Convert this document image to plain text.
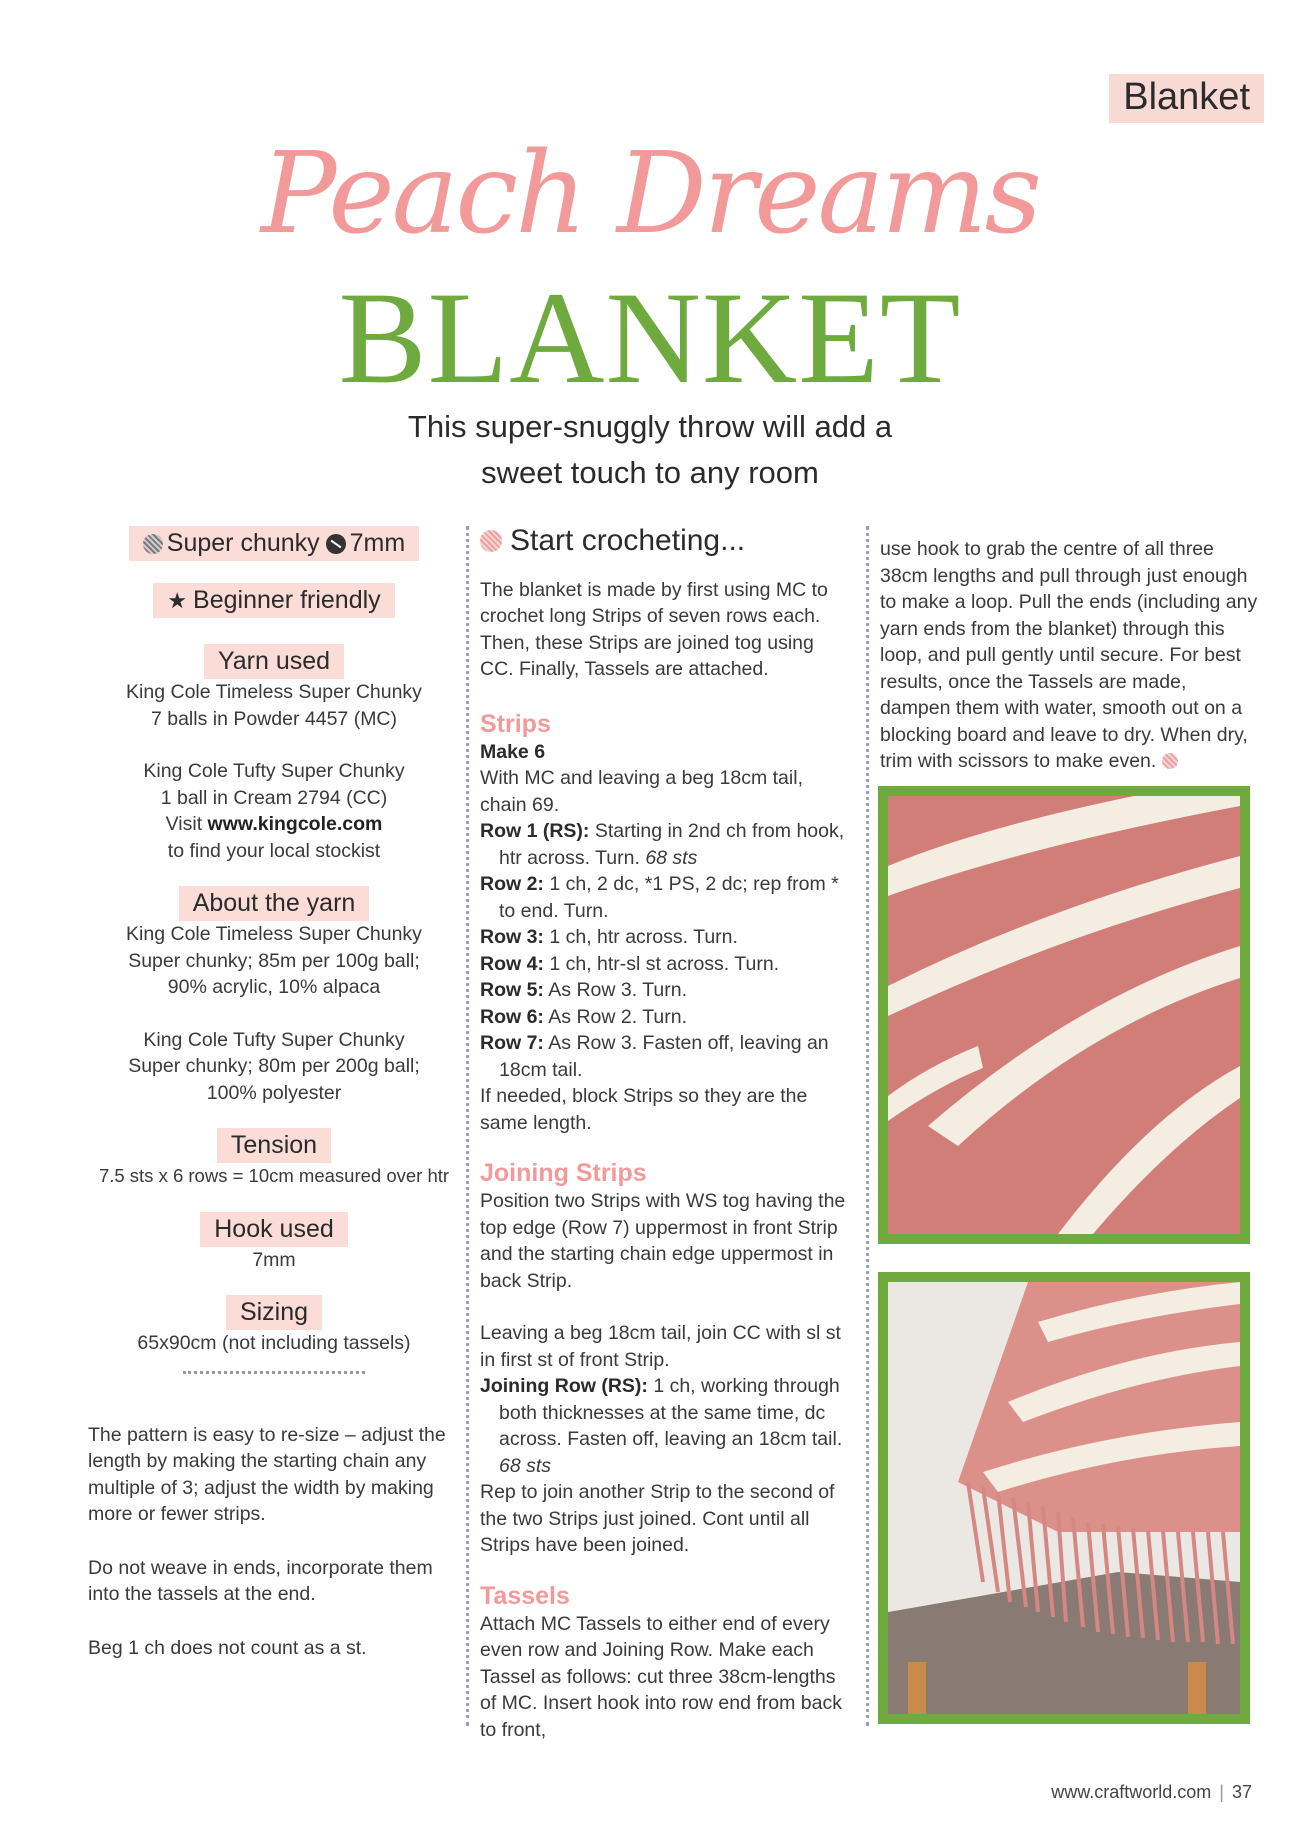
Blanket
Peach Dreams
BLANKET
This super-snuggly throw will add a
sweet touch to any room
Super chunky 7mm
★ Beginner friendly
Yarn used
King Cole Timeless Super Chunky
7 balls in Powder 4457 (MC)
King Cole Tufty Super Chunky
1 ball in Cream 2794 (CC)
Visit www.kingcole.com
to find your local stockist
About the yarn
King Cole Timeless Super Chunky
Super chunky; 85m per 100g ball;
90% acrylic, 10% alpaca
King Cole Tufty Super Chunky
Super chunky; 80m per 200g ball;
100% polyester
Tension
7.5 sts x 6 rows = 10cm measured over htr
Hook used
7mm
Sizing
65x90cm (not including tassels)

The pattern is easy to re-size – adjust the length by making the starting chain any multiple of 3; adjust the width by making more or fewer strips.

Do not weave in ends, incorporate them into the tassels at the end.

Beg 1 ch does not count as a st.

Start crocheting...

The blanket is made by first using MC to crochet long Strips of seven rows each. Then, these Strips are joined tog using CC. Finally, Tassels are attached.

Strips

Make 6

With MC and leaving a beg 18cm tail, chain 69.

Row 1 (RS): Starting in 2nd ch from hook, htr across. Turn. 68 sts

Row 2: 1 ch, 2 dc, *1 PS, 2 dc; rep from * to end. Turn.

Row 3: 1 ch, htr across. Turn.

Row 4: 1 ch, htr-sl st across. Turn.

Row 5: As Row 3. Turn.

Row 6: As Row 2. Turn.

Row 7: As Row 3. Fasten off, leaving an 18cm tail.

If needed, block Strips so they are the same length.

Joining Strips

Position two Strips with WS tog having the top edge (Row 7) uppermost in front Strip and the starting chain edge uppermost in back Strip.

Leaving a beg 18cm tail, join CC with sl st in first st of front Strip.

Joining Row (RS): 1 ch, working through both thicknesses at the same time, dc across. Fasten off, leaving an 18cm tail. 68 sts

Rep to join another Strip to the second of the two Strips just joined. Cont until all Strips have been joined.

Tassels

Attach MC Tassels to either end of every even row and Joining Row. Make each Tassel as follows: cut three 38cm-lengths of MC. Insert hook into row end from back to front,

use hook to grab the centre of all three 38cm lengths and pull through just enough to make a loop. Pull the ends (including any yarn ends from the blanket) through this loop, and pull gently until secure. For best results, once the Tassels are made, dampen them with water, smooth out on a blocking board and leave to dry. When dry, trim with scissors to make even.

www.craftworld.com | 37
